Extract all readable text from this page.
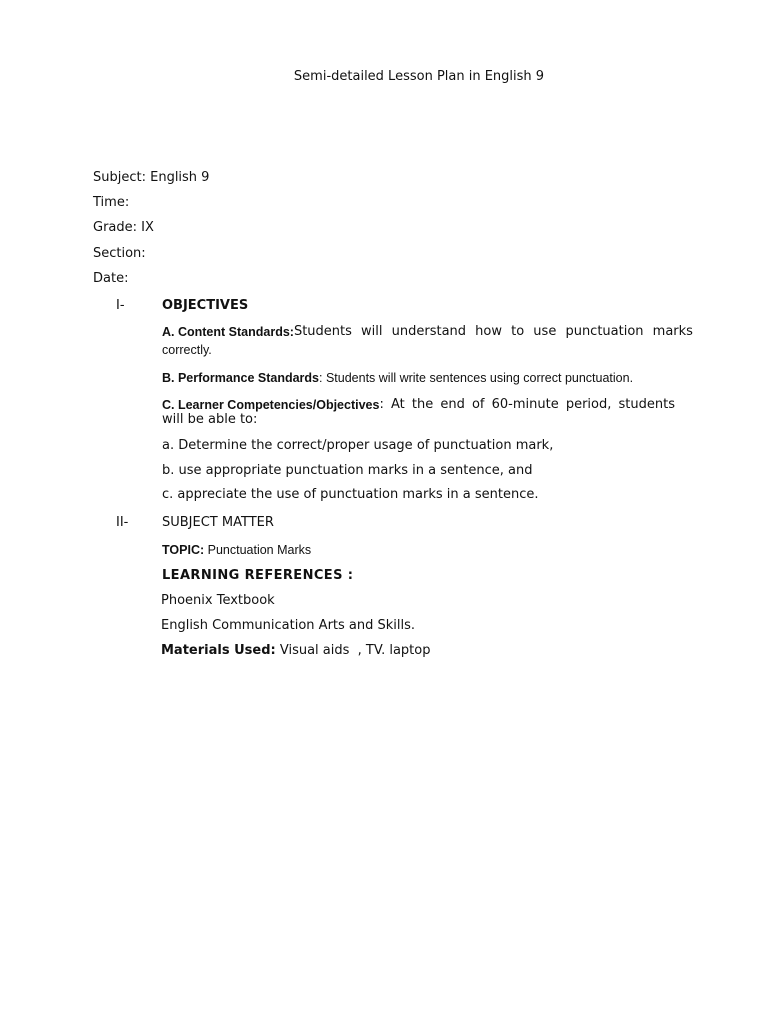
Semi-detailed Lesson Plan in English 9
Subject: English 9
Time:
Grade: IX
Section:
Date:
I-	OBJECTIVES
A. Content Standards: Students will understand how to use punctuation marks
correctly.
B. Performance Standards: Students will write sentences using correct punctuation.
C. Learner Competencies/Objectives : At the end of 60-minute period, students
will be able to:
a. Determine the correct/proper usage of punctuation mark,
b. use appropriate punctuation marks in a sentence, and
c. appreciate the use of punctuation marks in a sentence.
II-	SUBJECT MATTER
TOPIC: Punctuation Marks
LEARNING REFERENCES :
Phoenix Textbook
English Communication Arts and Skills.
Materials Used: Visual aids  , TV. laptop
